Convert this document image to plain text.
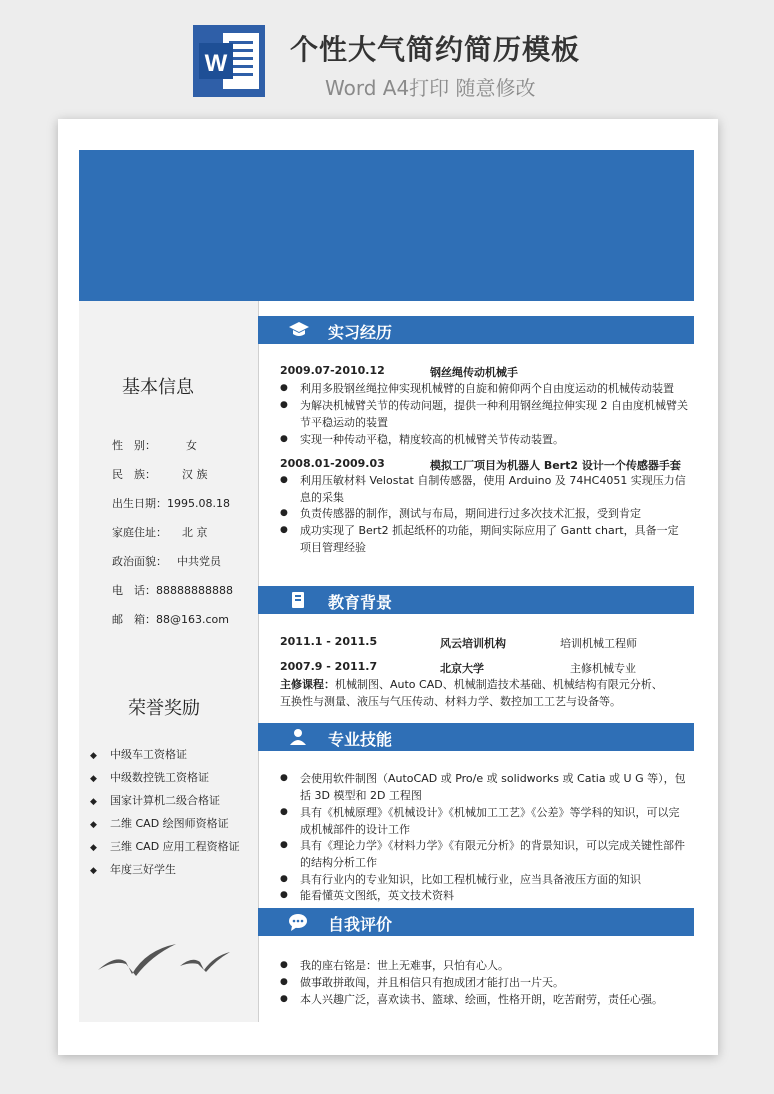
W 个性大气简约简历模板
Word A4打印 随意修改
基本信息
性　别：	女
民　族： 汉 族
出生日期：1995.08.18
家庭住址： 北 京
政治面貌： 中共党员
电　话：88888888888
邮　箱：88@163.com
荣誉奖励
◆ 中级车工资格证
◆ 中级数控铣工资格证
◆ 国家计算机二级合格证
◆ 二维 CAD 绘图师资格证
◆ 三维 CAD 应用工程资格证
◆ 年度三好学生
实习经历
2009.07-2010.12	钢丝绳传动机械手
● 利用多股钢丝绳拉伸实现机械臂的自旋和俯仰两个自由度运动的机械传动装置
● 为解决机械臂关节的传动问题，提供一种利用钢丝绳拉伸实现 2 自由度机械臂关节平稳运动的装置
● 实现一种传动平稳，精度较高的机械臂关节传动装置。
2008.01-2009.03	模拟工厂项目为机器人 Bert2 设计一个传感器手套
● 利用压敏材料 Velostat 自制传感器，使用 Arduino 及 74HC4051 实现压力信息的采集
● 负责传感器的制作，测试与布局，期间进行过多次技术汇报，受到肯定
● 成功实现了 Bert2 抓起纸杯的功能，期间实际应用了 Gantt chart，具备一定项目管理经验
教育背景
2011.1 - 2011.5	风云培训机构	培训机械工程师
2007.9 - 2011.7	北京大学	主修机械专业
主修课程：机械制图、Auto CAD、机械制造技术基础、机械结构有限元分析、
互换性与测量、液压与气压传动、材料力学、数控加工工艺与设备等。
专业技能
● 会使用软件制图（AutoCAD 或 Pro/e 或 solidworks 或 Catia 或 U G 等），包括 3D 模型和 2D 工程图
● 具有《机械原理》《机械设计》《机械加工工艺》《公差》等学科的知识，可以完成机械部件的设计工作
● 具有《理论力学》《材料力学》《有限元分析》的背景知识，可以完成关键性部件的结构分析工作
● 具有行业内的专业知识，比如工程机械行业，应当具备液压方面的知识
● 能看懂英文图纸，英文技术资料
自我评价
● 我的座右铭是：世上无难事，只怕有心人。
● 做事敢拼敢闯，并且相信只有抱成团才能打出一片天。
● 本人兴趣广泛，喜欢读书、篮球、绘画，性格开朗，吃苦耐劳，责任心强。
